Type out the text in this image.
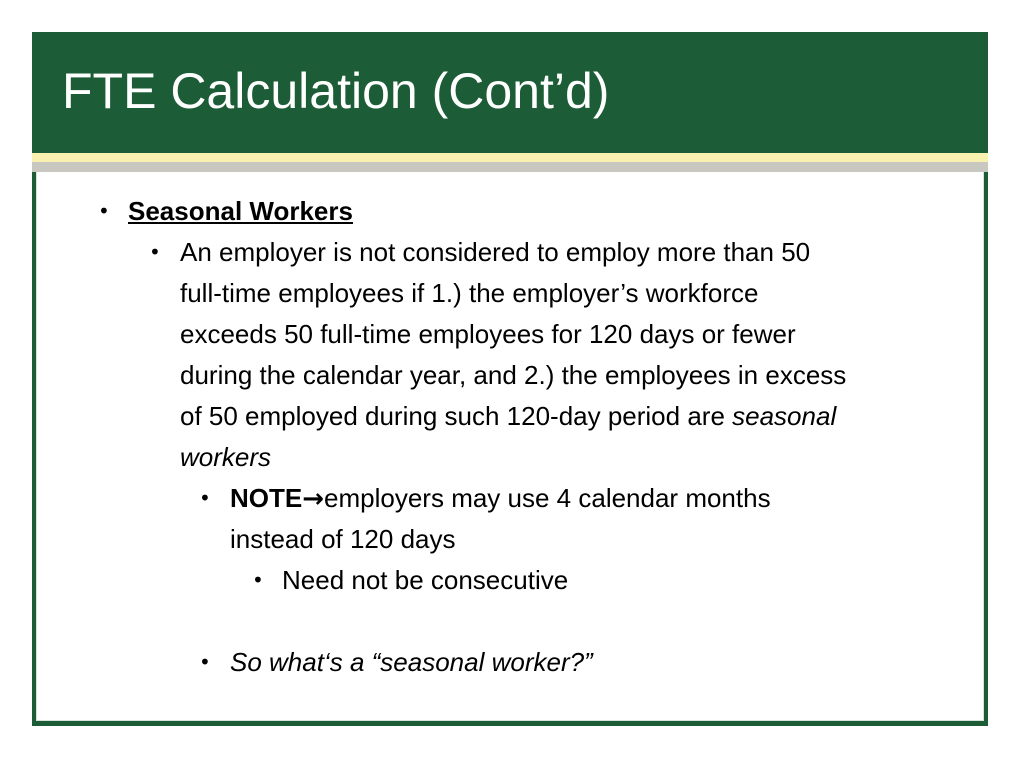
FTE Calculation (Cont’d)
• Seasonal Workers

• An employer is not considered to employ more than 50

full-time employees if 1.) the employer’s workforce

exceeds 50 full-time employees for 120 days or fewer

during the calendar year, and 2.) the employees in excess

of 50 employed during such 120-day period are seasonal

workers

• NOTE→employers may use 4 calendar months

instead of 120 days

• Need not be consecutive

• So what‘s a “seasonal worker?”
